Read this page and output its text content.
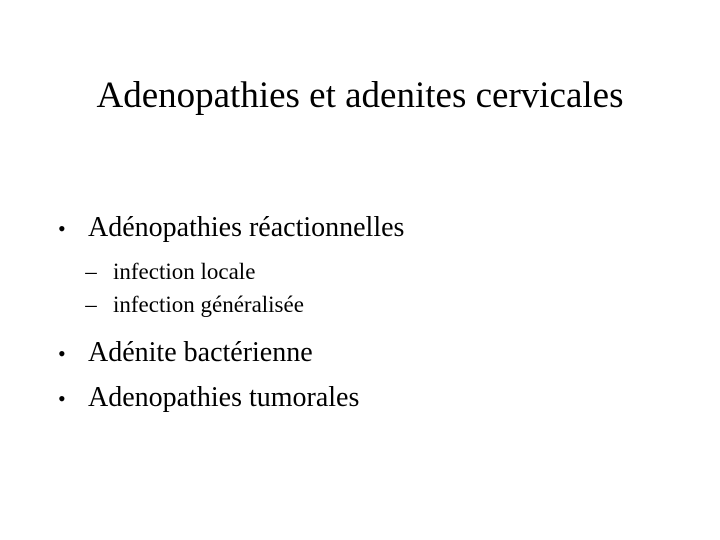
Adenopathies et adenites cervicales
• Adénopathies réactionnelles
– infection locale
– infection généralisée
• Adénite bactérienne
• Adenopathies tumorales
